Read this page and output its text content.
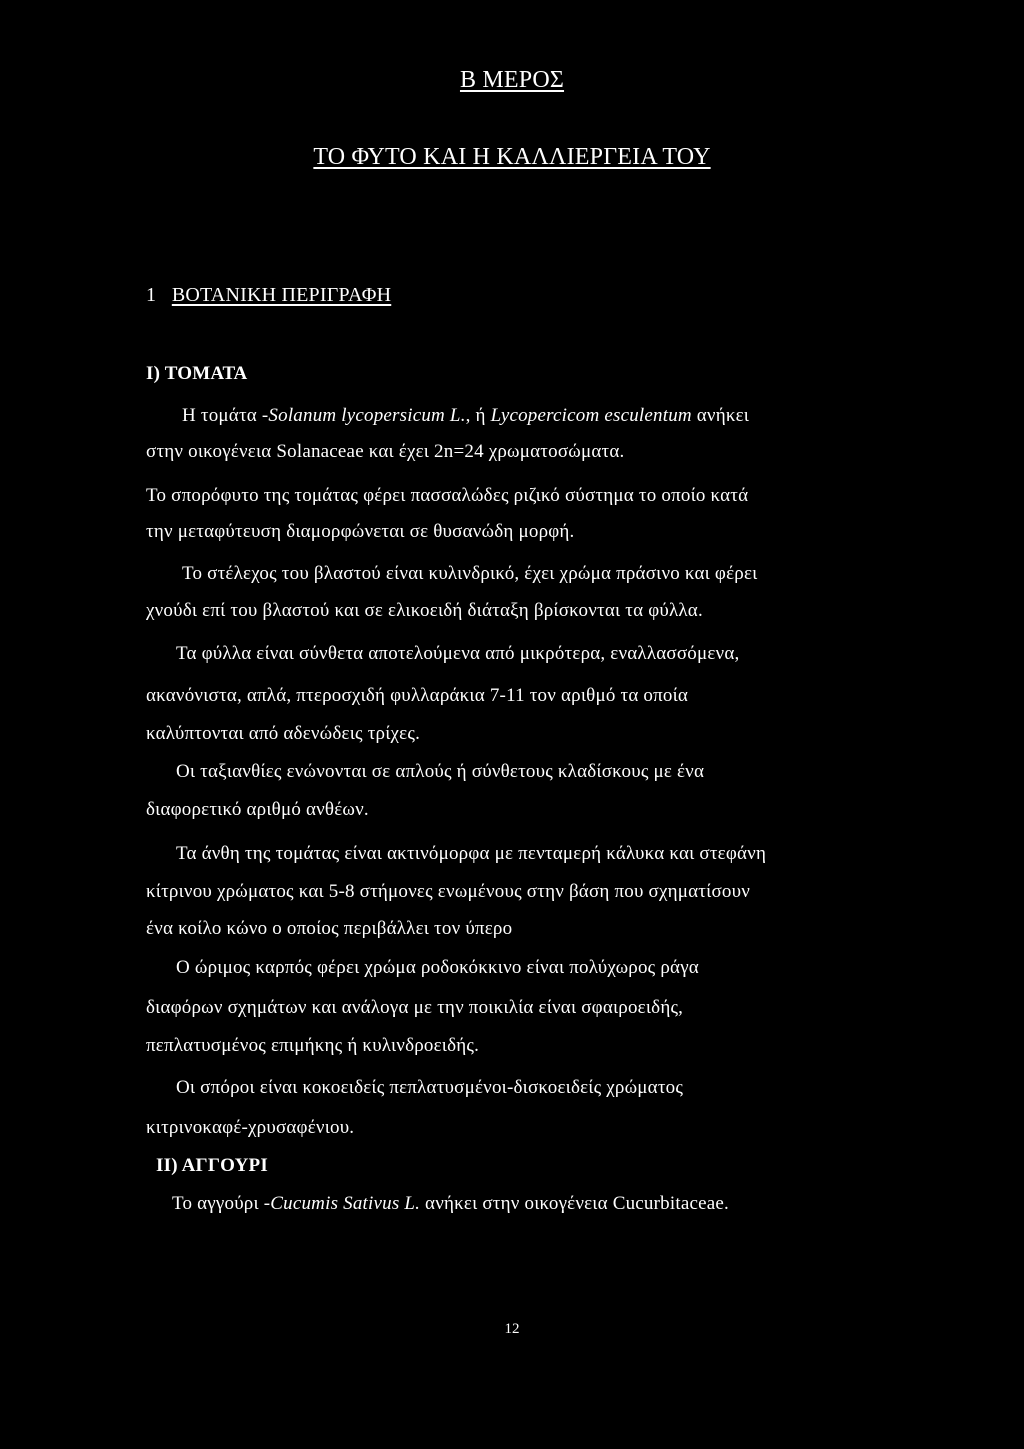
Β ΜΕΡΟΣ
ΤΟ ΦΥΤΟ ΚΑΙ Η ΚΑΛΛΙΕΡΓΕΙΑ ΤΟΥ
1 ΒΟΤΑΝΙΚΗ ΠΕΡΙΓΡΑΦΗ
Ι) ΤΟΜΑΤΑ
Η τομάτα -Solanum lycopersicum L., ή Lycopercicom esculentum ανήκει
στην οικογένεια Solanaceae και έχει 2n=24 χρωματοσώματα.
Το σπορόφυτο της τομάτας φέρει πασσαλώδες ριζικό σύστημα το οποίο κατά
την μεταφύτευση διαμορφώνεται σε θυσανώδη μορφή.
Το στέλεχος του βλαστού είναι κυλινδρικό, έχει χρώμα πράσινο και φέρει
χνούδι επί του βλαστού και σε ελικοειδή διάταξη βρίσκονται τα φύλλα.
Τα φύλλα είναι σύνθετα αποτελούμενα από μικρότερα, εναλλασσόμενα,
ακανόνιστα, απλά, πτεροσχιδή φυλλαράκια 7-11 τον αριθμό τα οποία
καλύπτονται από αδενώδεις τρίχες.
Οι ταξιανθίες ενώνονται σε απλούς ή σύνθετους κλαδίσκους με ένα
διαφορετικό αριθμό ανθέων.
Τα άνθη της τομάτας είναι ακτινόμορφα με πενταμερή κάλυκα και στεφάνη
κίτρινου χρώματος και 5-8 στήμονες ενωμένους στην βάση που σχηματίσουν
ένα κοίλο κώνο ο οποίος περιβάλλει τον ύπερο
Ο ώριμος καρπός φέρει χρώμα ροδοκόκκινο είναι πολύχωρος ράγα
διαφόρων σχημάτων και ανάλογα με την ποικιλία είναι σφαιροειδής,
πεπλατυσμένος επιμήκης ή κυλινδροειδής.
Οι σπόροι είναι κοκοειδείς πεπλατυσμένοι-δισκοειδείς χρώματος
κιτρινοκαφέ-χρυσαφένιου.
ΙΙ) ΑΓΓΟΥΡΙ
Το αγγούρι -Cucumis Sativus L. ανήκει στην οικογένεια Cucurbitaceae.
12
